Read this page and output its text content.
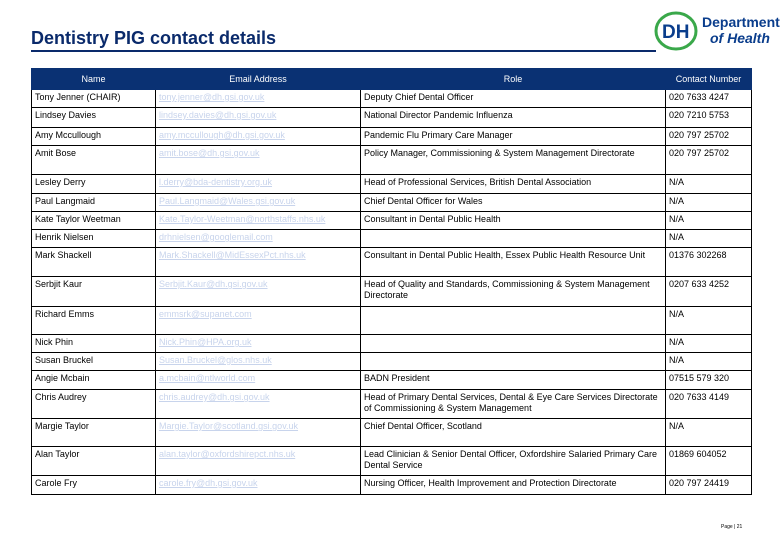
Dentistry PIG contact details	DH Department
of Health
Name	Email Address	Role	Contact Number
Tony Jenner (CHAIR)	tony.jenner@dh.gsi.gov.uk	Deputy Chief Dental Officer	020 7633 4247
Lindsey Davies	lindsey.davies@dh.gsi.gov.uk	National Director Pandemic Influenza	020 7210 5753
Amy Mccullough	amy.mccullough@dh.gsi.gov.uk	Pandemic Flu Primary Care Manager	020 797 25702
Amit Bose	amit.bose@dh.gsi.gov.uk	Policy Manager, Commissioning & System Management Directorate	020 797 25702
Lesley Derry	l.derry@bda-dentistry.org.uk	Head of Professional Services, British Dental Association	N/A
Paul Langmaid	Paul.Langmaid@Wales.gsi.gov.uk	Chief Dental Officer for Wales	N/A
Kate Taylor Weetman	Kate.Taylor-Weetman@northstaffs.nhs.uk	Consultant in Dental Public Health	N/A
Henrik Nielsen	drhnielsen@googlemail.com		N/A
Mark Shackell	Mark.Shackell@MidEssexPct.nhs.uk	Consultant in Dental Public Health, Essex Public Health Resource Unit	01376 302268
Serbjit Kaur	Serbjit.Kaur@dh.gsi.gov.uk	Head of Quality and Standards, Commissioning & System Management Directorate	0207 633 4252
Richard Emms	emmsrk@supanet.com		N/A
Nick Phin	Nick.Phin@HPA.org.uk		N/A
Susan Bruckel	Susan.Bruckel@glos.nhs.uk		N/A
Angie Mcbain	a.mcbain@ntlworld.com	BADN President	07515 579 320
Chris Audrey	chris.audrey@dh.gsi.gov.uk	Head of Primary Dental Services, Dental & Eye Care Services Directorate of Commissioning & System Management	020 7633 4149
Margie Taylor	Margie.Taylor@scotland.gsi.gov.uk	Chief Dental Officer, Scotland	N/A
Alan Taylor	alan.taylor@oxfordshirepct.nhs.uk	Lead Clinician & Senior Dental Officer, Oxfordshire Salaried Primary Care Dental Service	01869 604052
Carole Fry	carole.fry@dh.gsi.gov.uk	Nursing Officer, Health Improvement and Protection Directorate	020 797 24419
Page | 21
